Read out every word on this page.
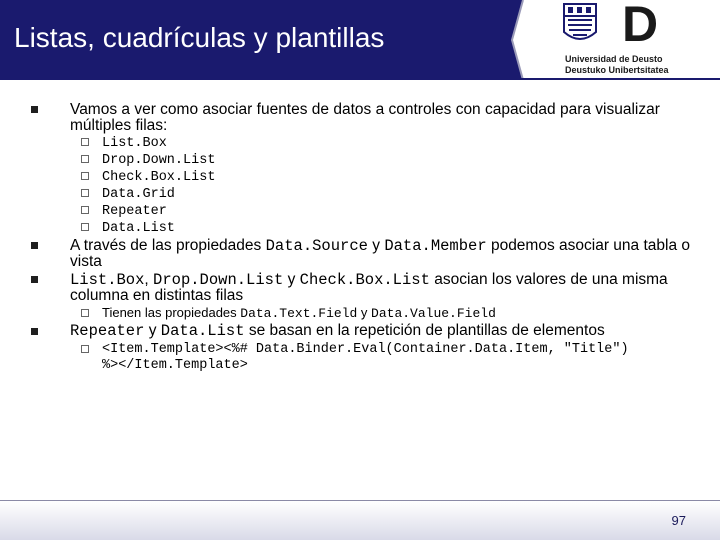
Listas, cuadrículas y plantillas	D
Universidad de Deusto
Deustuko Unibertsitatea
Vamos a ver como asociar fuentes de datos a controles con capacidad para visualizar
múltiples filas:
List.Box
Drop.Down.List
Check.Box.List
Data.Grid
Repeater
Data.List
A través de las propiedades Data.Source y Data.Member podemos asociar una tabla o
vista
List.Box, Drop.Down.List y Check.Box.List asocian los valores de una misma
columna en distintas filas
Tienen las propiedades Data.Text.Field y Data.Value.Field
Repeater y Data.List se basan en la repetición de plantillas de elementos
<Item.Template><%# Data.Binder.Eval(Container.Data.Item, "Title")
%></Item.Template>
97
